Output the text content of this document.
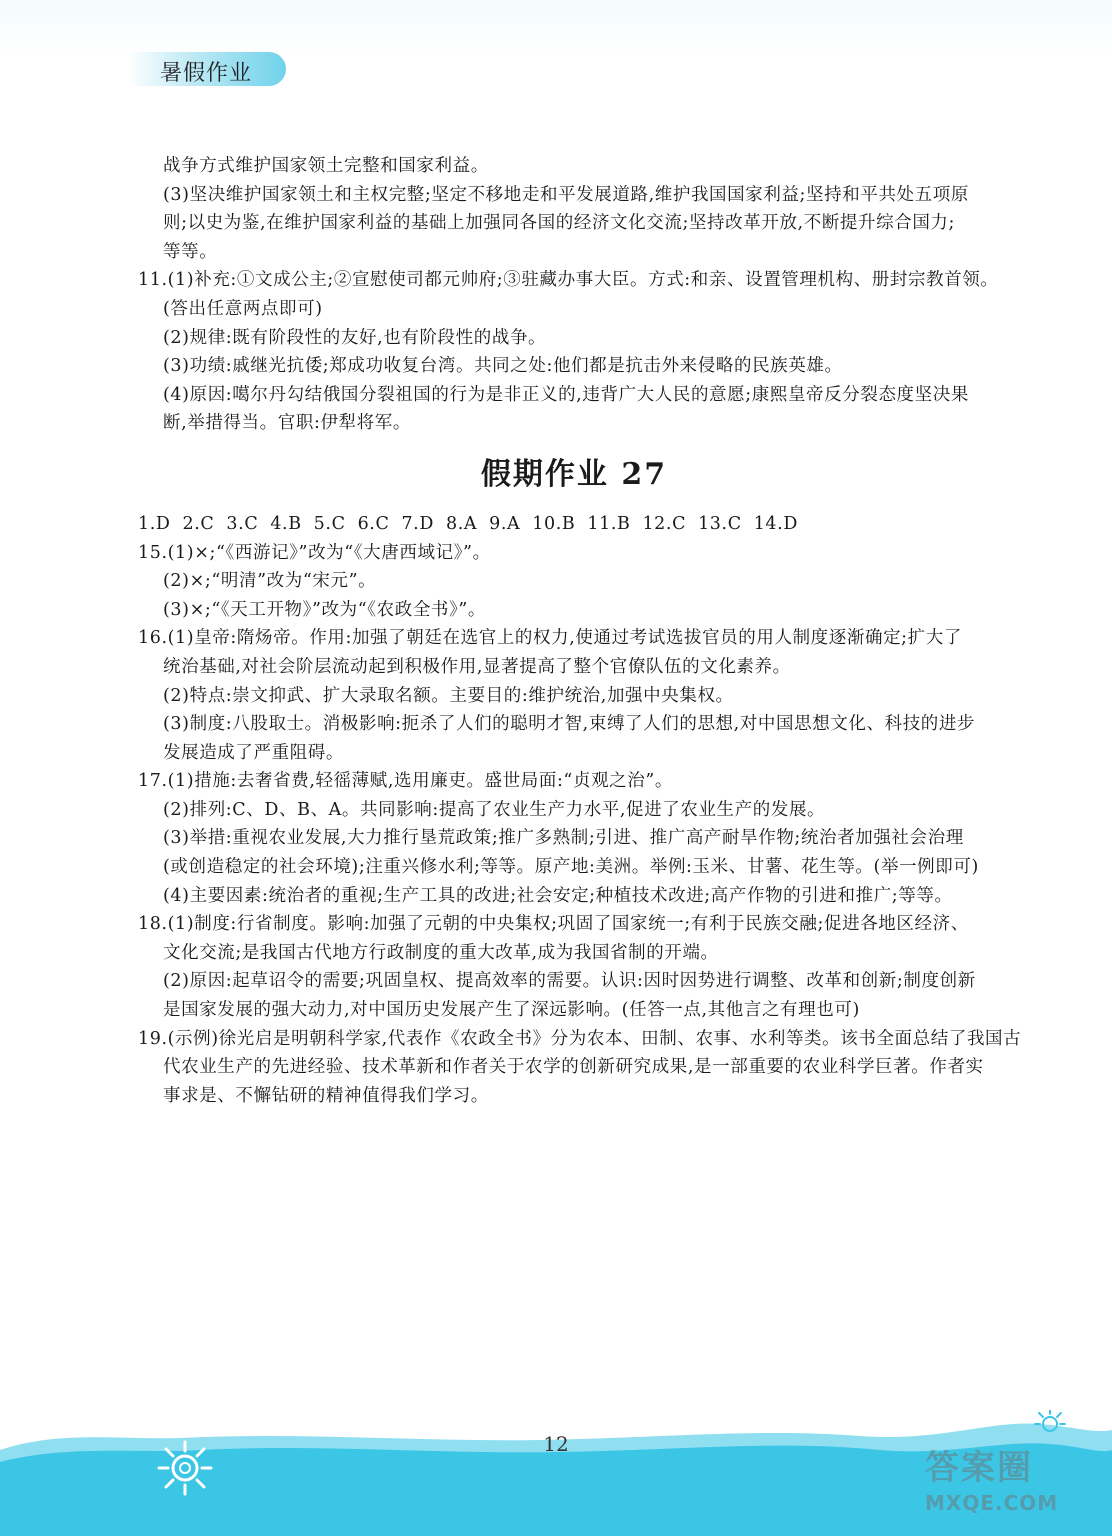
暑假作业
战争方式维护国家领土完整和国家利益。
(3)坚决维护国家领土和主权完整;坚定不移地走和平发展道路,维护我国国家利益;坚持和平共处五项原
则;以史为鉴,在维护国家利益的基础上加强同各国的经济文化交流;坚持改革开放,不断提升综合国力;
等等。
11.(1)补充:①文成公主;②宣慰使司都元帅府;③驻藏办事大臣。方式:和亲、设置管理机构、册封宗教首领。
(答出任意两点即可)
(2)规律:既有阶段性的友好,也有阶段性的战争。
(3)功绩:戚继光抗倭;郑成功收复台湾。共同之处:他们都是抗击外来侵略的民族英雄。
(4)原因:噶尔丹勾结俄国分裂祖国的行为是非正义的,违背广大人民的意愿;康熙皇帝反分裂态度坚决果
断,举措得当。官职:伊犁将军。
假期作业 27
1.D 2.C 3.C 4.B 5.C 6.C 7.D 8.A 9.A 10.B 11.B 12.C 13.C 14.D
15.(1)×;“《西游记》”改为“《大唐西域记》”。
(2)×;“明清”改为“宋元”。
(3)×;“《天工开物》”改为“《农政全书》”。
16.(1)皇帝:隋炀帝。作用:加强了朝廷在选官上的权力,使通过考试选拔官员的用人制度逐渐确定;扩大了
统治基础,对社会阶层流动起到积极作用,显著提高了整个官僚队伍的文化素养。
(2)特点:崇文抑武、扩大录取名额。主要目的:维护统治,加强中央集权。
(3)制度:八股取士。消极影响:扼杀了人们的聪明才智,束缚了人们的思想,对中国思想文化、科技的进步
发展造成了严重阻碍。
17.(1)措施:去奢省费,轻徭薄赋,选用廉吏。盛世局面:“贞观之治”。
(2)排列:C、D、B、A。共同影响:提高了农业生产力水平,促进了农业生产的发展。
(3)举措:重视农业发展,大力推行垦荒政策;推广多熟制;引进、推广高产耐旱作物;统治者加强社会治理
(或创造稳定的社会环境);注重兴修水利;等等。原产地:美洲。举例:玉米、甘薯、花生等。(举一例即可)
(4)主要因素:统治者的重视;生产工具的改进;社会安定;种植技术改进;高产作物的引进和推广;等等。
18.(1)制度:行省制度。影响:加强了元朝的中央集权;巩固了国家统一;有利于民族交融;促进各地区经济、
文化交流;是我国古代地方行政制度的重大改革,成为我国省制的开端。
(2)原因:起草诏令的需要;巩固皇权、提高效率的需要。认识:因时因势进行调整、改革和创新;制度创新
是国家发展的强大动力,对中国历史发展产生了深远影响。(任答一点,其他言之有理也可)
19.(示例)徐光启是明朝科学家,代表作《农政全书》分为农本、田制、农事、水利等类。该书全面总结了我国古
代农业生产的先进经验、技术革新和作者关于农学的创新研究成果,是一部重要的农业科学巨著。作者实
事求是、不懈钻研的精神值得我们学习。
12
答案圈
MXQE.COM
